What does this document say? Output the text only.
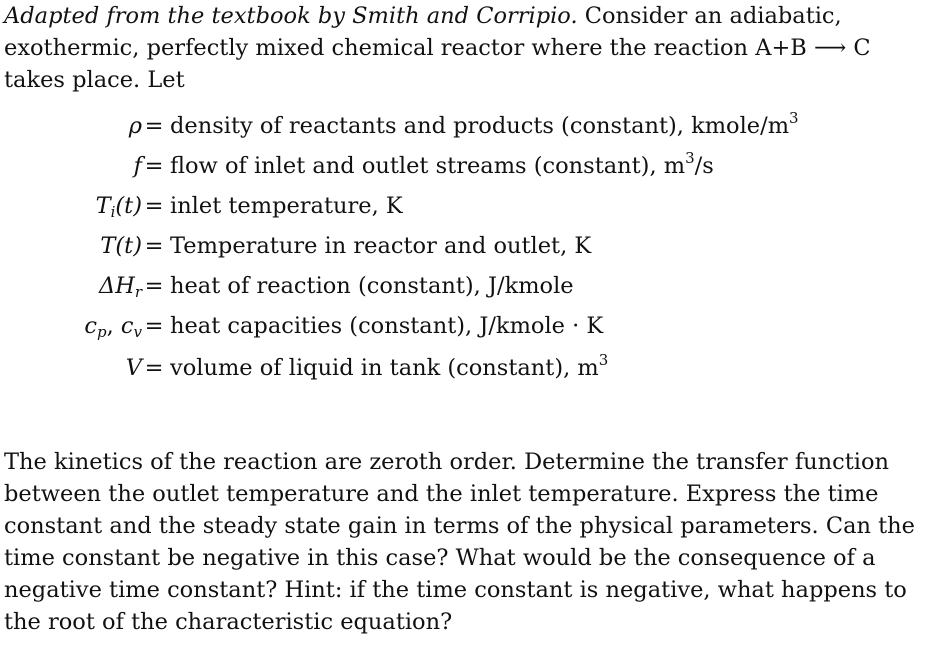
Adapted from the textbook by Smith and Corripio. Consider an adiabatic, exothermic, perfectly mixed chemical reactor where the reaction A+B ⟶ C takes place. Let
ρ = density of reactants and products (constant), kmole/$m^3$
f = flow of inlet and outlet streams (constant), $m^3/s$
$T_i(t)$ = inlet temperature, K
T(t) = Temperature in reactor and outlet, K
$\Delta H_r$ = heat of reaction (constant), J/kmole
$c_p$, $c_v$ = heat capacities (constant), J/kmole · K
V = volume of liquid in tank (constant), $m^3$
The kinetics of the reaction are zeroth order. Determine the transfer function between the outlet temperature and the inlet temperature. Express the time constant and the steady state gain in terms of the physical parameters. Can the time constant be negative in this case? What would be the consequence of a negative time constant? Hint: if the time constant is negative, what happens to the root of the characteristic equation?
